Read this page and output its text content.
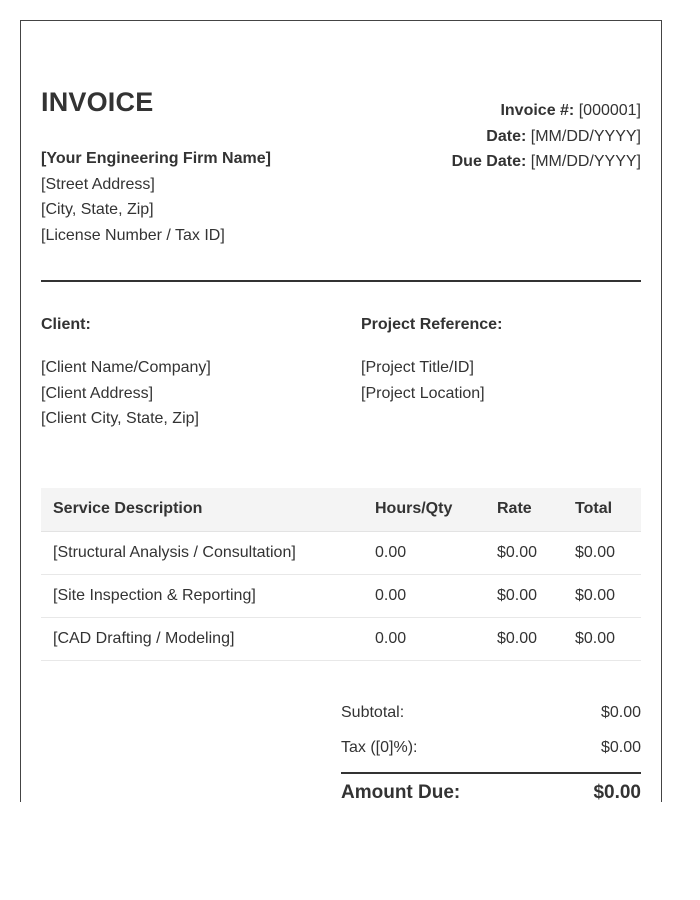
INVOICE
[Your Engineering Firm Name]
[Street Address]
[City, State, Zip]
[License Number / Tax ID]
Invoice #: [000001]
Date: [MM/DD/YYYY]
Due Date: [MM/DD/YYYY]
Client:
[Client Name/Company]
[Client Address]
[Client City, State, Zip]
Project Reference:
[Project Title/ID]
[Project Location]
Service Description	Hours/Qty	Rate	Total
[Structural Analysis / Consultation]	0.00	$0.00	$0.00
[Site Inspection & Reporting]	0.00	$0.00	$0.00
[CAD Drafting / Modeling]	0.00	$0.00	$0.00
Subtotal:	$0.00
Tax ([0]%):	$0.00
Amount Due:	$0.00
